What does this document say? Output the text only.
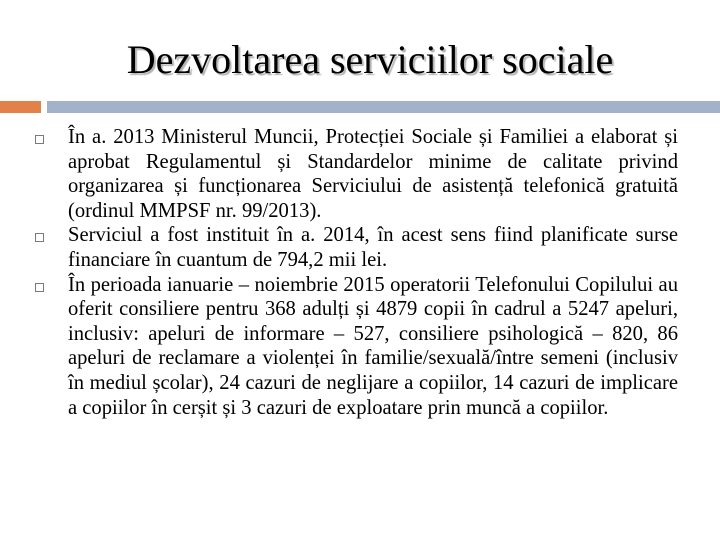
Dezvoltarea serviciilor sociale
În a. 2013 Ministerul Muncii, Protecției Sociale și Familiei a elaborat și aprobat Regulamentul și Standardelor minime de calitate privind organizarea și funcționarea Serviciului de asistență telefonică gratuită (ordinul MMPSF nr. 99/2013).
Serviciul a fost instituit în a. 2014, în acest sens fiind planificate surse financiare în cuantum de 794,2 mii lei.
În perioada ianuarie – noiembrie 2015 operatorii Telefonului Copilului au oferit consiliere pentru 368 adulți și 4879 copii în cadrul a 5247 apeluri, inclusiv: apeluri de informare – 527, consiliere psihologică – 820, 86 apeluri de reclamare a violenței în familie/sexuală/între semeni (inclusiv în mediul școlar), 24 cazuri de neglijare a copiilor, 14 cazuri de implicare a copiilor în cerșit și 3 cazuri de exploatare prin muncă a copiilor.
